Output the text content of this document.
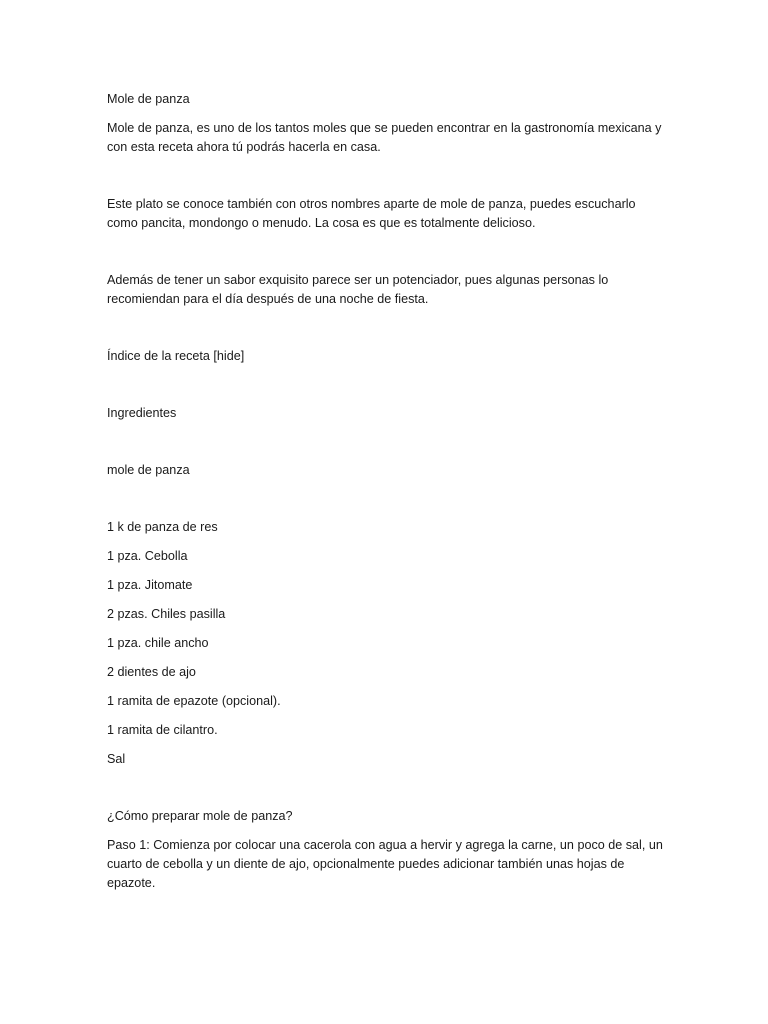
Mole de panza

Mole de panza, es uno de los tantos moles que se pueden encontrar en la gastronomía mexicana y con esta receta ahora tú podrás hacerla en casa.

Este plato se conoce también con otros nombres aparte de mole de panza, puedes escucharlo como pancita, mondongo o menudo. La cosa es que es totalmente delicioso.

Además de tener un sabor exquisito parece ser un potenciador, pues algunas personas lo recomiendan para el día después de una noche de fiesta.

Índice de la receta [hide]

Ingredientes

mole de panza

1 k de panza de res
1 pza. Cebolla
1 pza. Jitomate
2 pzas. Chiles pasilla
1 pza. chile ancho
2 dientes de ajo
1 ramita de epazote (opcional).
1 ramita de cilantro.
Sal

¿Cómo preparar mole de panza?

Paso 1: Comienza por colocar una cacerola con agua a hervir y agrega la carne, un poco de sal, un cuarto de cebolla y un diente de ajo, opcionalmente puedes adicionar también unas hojas de epazote.
